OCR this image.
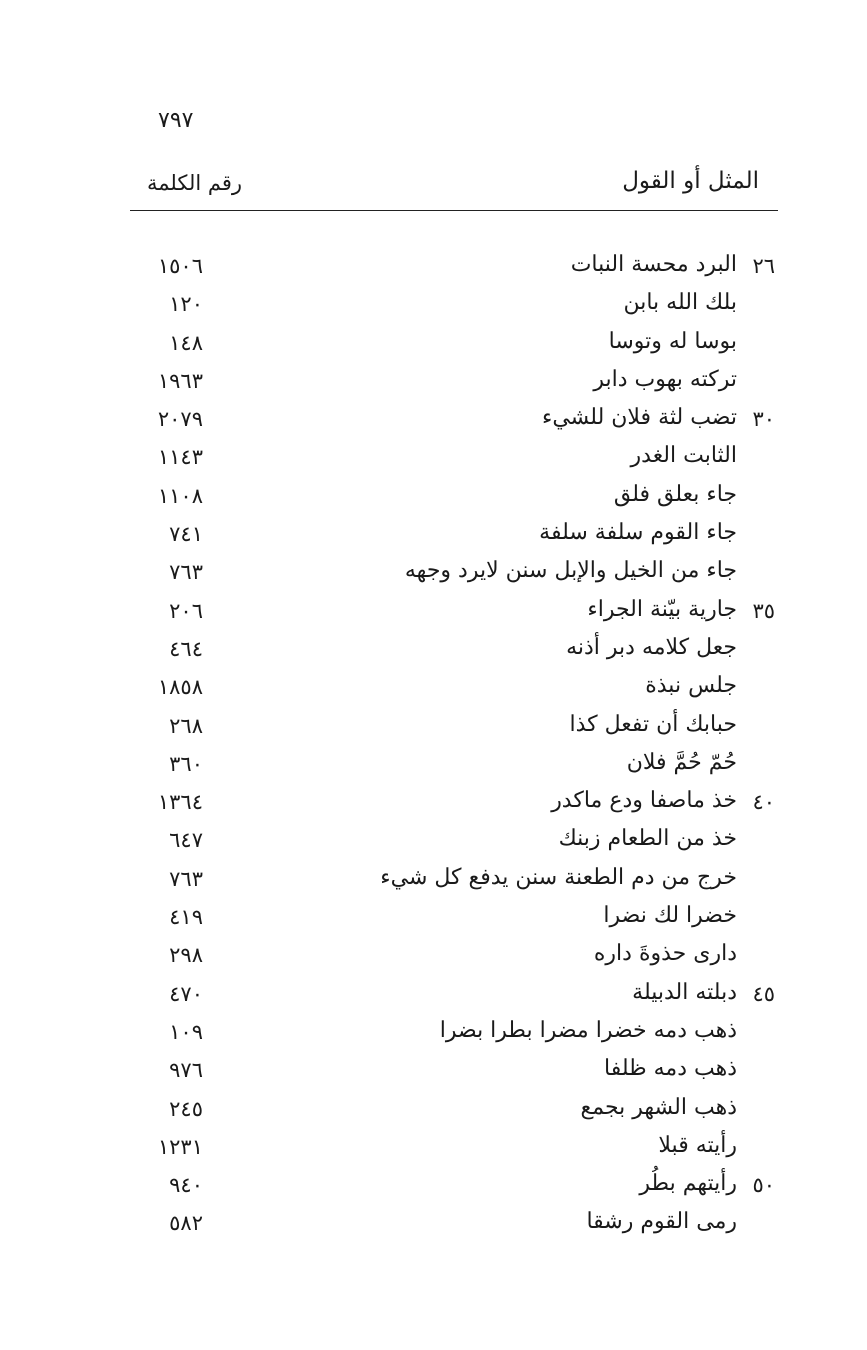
٧٩٧
المثل أو القول
رقم الكلمة
٢٦
البرد محسة النبات
١٥٠٦
بلك الله بابن
١٢٠
بوسا له وتوسا
١٤٨
تركته بهوب دابر
١٩٦٣
٣٠
تضب لثة فلان للشيء
٢٠٧٩
الثابت الغدر
١١٤٣
جاء بعلق فلق
١١٠٨
جاء القوم سلفة سلفة
٧٤١
جاء من الخيل والإبل سنن لايرد وجهه
٧٦٣
٣٥
جارية بيّنة الجراء
٢٠٦
جعل كلامه دبر أذنه
٤٦٤
جلس نبذة
١٨٥٨
حبابك أن تفعل كذا
٢٦٨
حُمّ حُمَّ فلان
٣٦٠
٤٠
خذ ماصفا ودع ماكدر
١٣٦٤
خذ من الطعام زبنك
٦٤٧
خرج من دم الطعنة سنن يدفع كل شيء
٧٦٣
خضرا لك نضرا
٤١٩
دارى حذوةَ داره
٢٩٨
٤٥
دبلته الدبيلة
٤٧٠
ذهب دمه خضرا مضرا بطرا بضرا
١٠٩
ذهب دمه ظلفا
٩٧٦
ذهب الشهر بجمع
٢٤٥
رأيته قبلا
١٢٣١
٥٠
رأيتهم بطُر
٩٤٠
رمى القوم رشقا
٥٨٢
